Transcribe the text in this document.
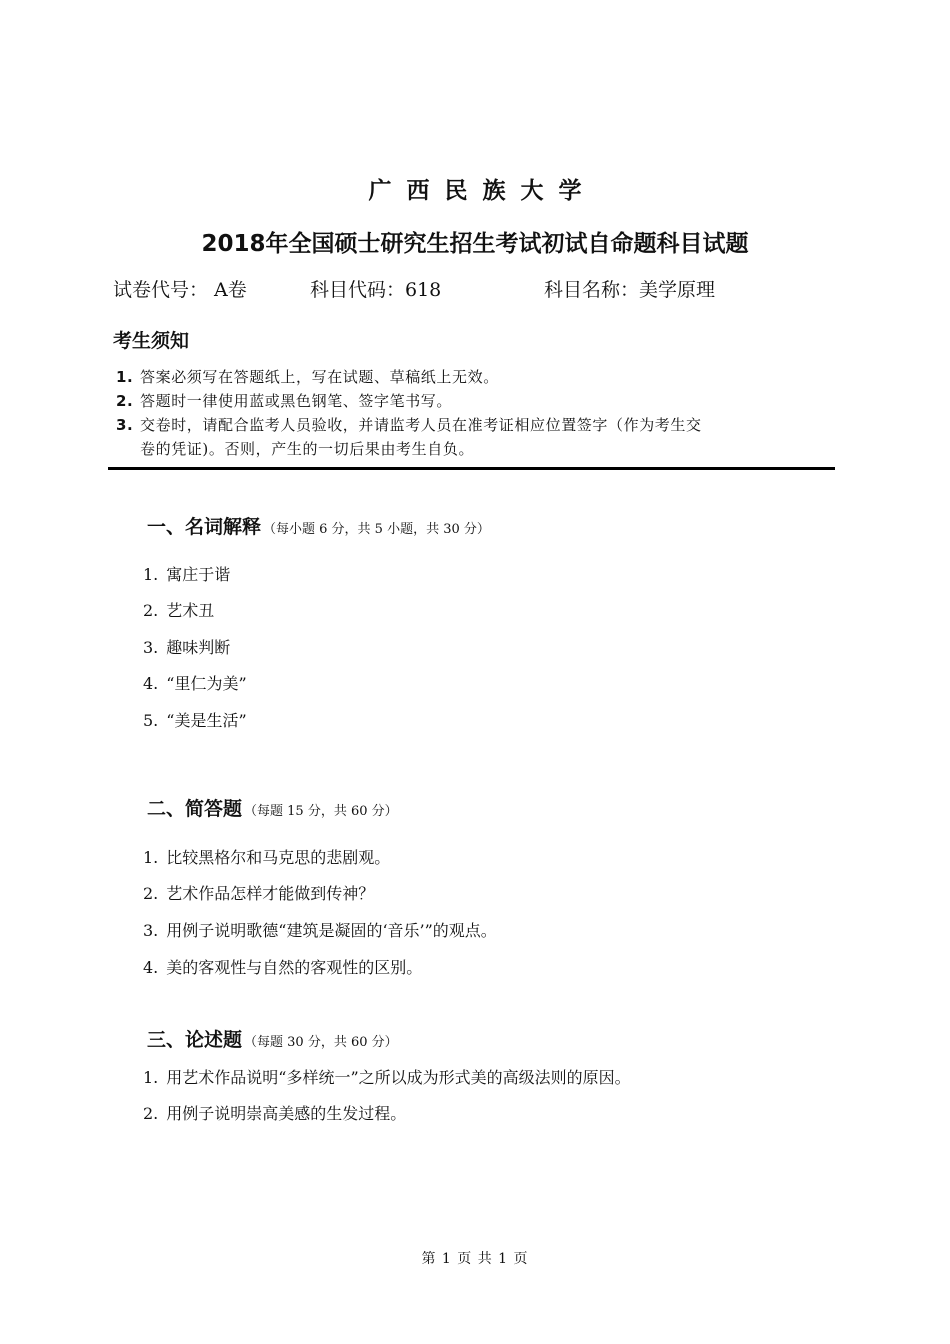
广西民族大学
2018年全国硕士研究生招生考试初试自命题科目试题
试卷代号： A卷	科目代码：618	科目名称：美学原理
考生须知
1. 答案必须写在答题纸上，写在试题、草稿纸上无效。
2. 答题时一律使用蓝或黑色钢笔、签字笔书写。
3. 交卷时，请配合监考人员验收，并请监考人员在准考证相应位置签字（作为考生交
卷的凭证)。否则，产生的一切后果由考生自负。
一、名词解释 （每小题 6 分，共 5 小题，共 30 分）
1. 寓庄于谐
2. 艺术丑
3. 趣味判断
4. “里仁为美”
5. “美是生活”
二、简答题 （每题 15 分，共 60 分）
1. 比较黑格尔和马克思的悲剧观。
2. 艺术作品怎样才能做到传神？
3. 用例子说明歌德“建筑是凝固的‘音乐’”的观点。
4. 美的客观性与自然的客观性的区别。
三、论述题 （每题 30 分，共 60 分）
1. 用艺术作品说明“多样统一”之所以成为形式美的高级法则的原因。
2. 用例子说明崇高美感的生发过程。
第 1 页 共 1 页
